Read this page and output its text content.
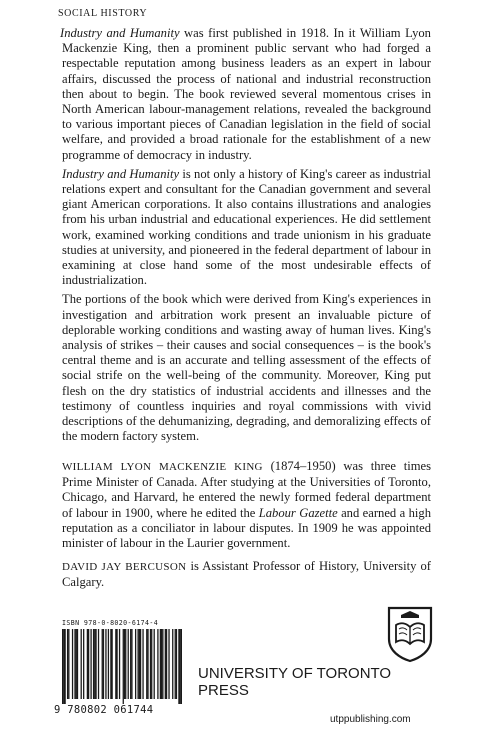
SOCIAL HISTORY

Industry and Humanity was first published in 1918. In it William Lyon Mackenzie King, then a prominent public servant who had forged a respectable reputation among business leaders as an expert in labour affairs, discussed the process of national and industrial reconstruction then about to begin. The book reviewed several momentous crises in North American labour-management relations, revealed the background to various important pieces of Canadian legislation in the field of social welfare, and provided a broad rationale for the establishment of a new programme of democracy in industry.

Industry and Humanity is not only a history of King's career as industrial relations expert and consultant for the Canadian government and several giant American corporations. It also contains illustrations and analogies from his urban industrial and educational experiences. He did settlement work, examined working conditions and trade unionism in his graduate studies at university, and pioneered in the federal department of labour in examining at close hand some of the most undesirable effects of industrialization.

The portions of the book which were derived from King's experiences in investigation and arbitration work present an invaluable picture of deplorable working conditions and wasting away of human lives. King's analysis of strikes – their causes and social consequences – is the book's central theme and is an accurate and telling assessment of the effects of social strife on the well-being of the community. Moreover, King put flesh on the dry statistics of industrial accidents and illnesses and the testimony of countless inquiries and royal commissions with vivid descriptions of the dehumanizing, degrading, and demoralizing effects of the modern factory system.

WILLIAM LYON MACKENZIE KING (1874–1950) was three times Prime Minister of Canada. After studying at the Universities of Toronto, Chicago, and Harvard, he entered the newly formed federal department of labour in 1900, where he edited the Labour Gazette and earned a high reputation as a conciliator in labour disputes. In 1909 he was appointed minister of labour in the Laurier government.
DAVID JAY BERCUSON is Assistant Professor of History, University of Calgary.
ISBN 978-0-8020-6174-4
9 780802 061744
UNIVERSITY OF TORONTO PRESS
utppublishing.com
